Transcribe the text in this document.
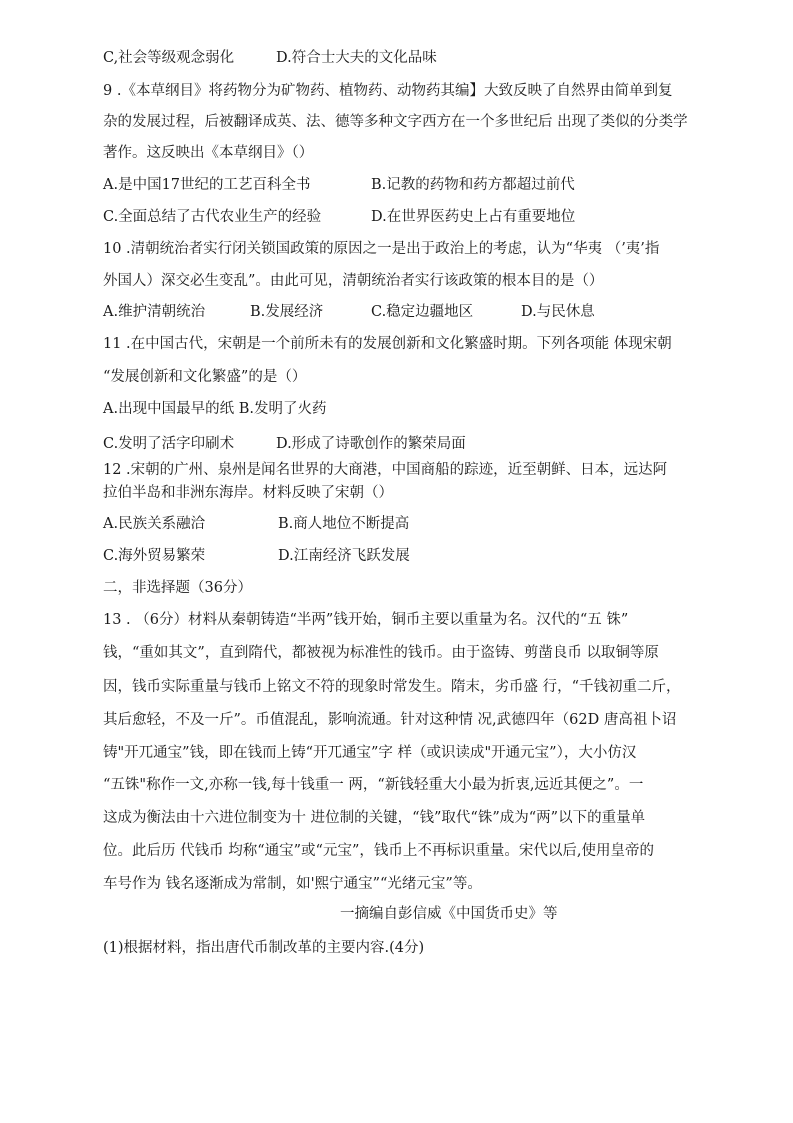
C,社会等级观念弱化	D.符合士大夫的文化品味
9 .《本草纲目》将药物分为矿物药、植物药、动物药其编】大致反映了自然界由简单到复
杂的发展过程，后被翻译成英、法、德等多种文字西方在一个多世纪后 出现了类似的分类学
著作。这反映出《本草纲目》（）
A.是中国17世纪的工艺百科全书	B.记教的药物和药方都超过前代
C.全面总结了古代农业生产的经验	D.在世界医药史上占有重要地位
10 .清朝统治者实行闭关锁国政策的原因之一是出于政治上的考虑，认为“华夷 （’夷’指
外国人）深交必生变乱”。由此可见，清朝统治者实行该政策的根本目的是（）
A.维护清朝统治	B.发展经济	C.稳定边疆地区	D.与民休息
11 .在中国古代，宋朝是一个前所未有的发展创新和文化繁盛时期。下列各项能 体现宋朝
“发展创新和文化繁盛”的是（）
A.出现中国最早的纸 B.发明了火药
C.发明了活字印刷术	D.形成了诗歌创作的繁荣局面
12 .宋朝的广州、泉州是闻名世界的大商港，中国商船的踪迹，近至朝鲜、日本，远达阿
拉伯半岛和非洲东海岸。材料反映了宋朝（）
A.民族关系融洽	B.商人地位不断提高
C.海外贸易繁荣	D.江南经济飞跃发展
二，非选择题（36分）
13 . （6分）材料从秦朝铸造“半两”钱开始，铜币主要以重量为名。汉代的“五 铢”
钱，“重如其文”，直到隋代，都被视为标准性的钱币。由于盗铸、剪凿良币 以取铜等原
因，钱币实际重量与钱币上铭文不符的现象时常发生。隋末，劣币盛 行，“千钱初重二斤，
其后愈轻，不及一斤”。币值混乱，影响流通。针对这种情 况,武德四年（62D 唐高祖卜诏
铸"开兀通宝”钱，即在钱而上铸“开兀通宝”字 样（或识读成"开通元宝”），大小仿汉
“五铢"称作一文,亦称一钱,每十钱重一 两，“新钱轻重大小最为折衷,远近其便之”。一
这成为衡法由十六进位制变为十 进位制的关键，“钱”取代“铢”成为“两”以下的重量单
位。此后历 代钱币 均称“通宝”或“元宝”，钱币上不再标识重量。宋代以后,使用皇帝的
车号作为 钱名逐渐成为常制，如'熙宁通宝”“光绪元宝”等。
一摘编自彭信威《中国货币史》等
(1)根据材料，指出唐代币制改革的主要内容.(4分)
